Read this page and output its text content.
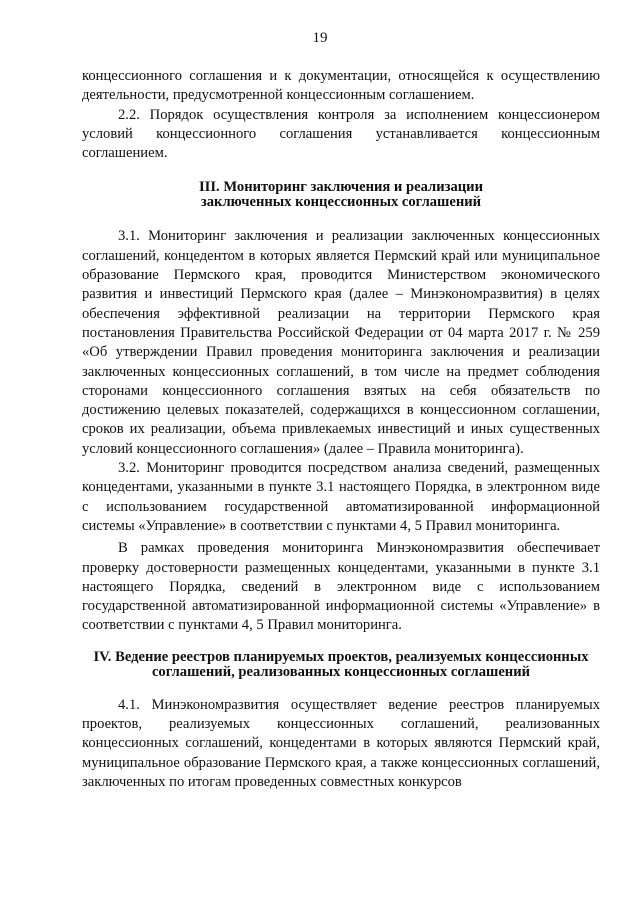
19

концессионного соглашения и к документации, относящейся к осуществлению деятельности, предусмотренной концессионным соглашением.

2.2. Порядок осуществления контроля за исполнением концессионером условий концессионного соглашения устанавливается концессионным соглашением.

III. Мониторинг заключения и реализации
заключенных концессионных соглашений

3.1. Мониторинг заключения и реализации заключенных концессионных соглашений, концедентом в которых является Пермский край или муниципальное образование Пермского края, проводится Министерством экономического развития и инвестиций Пермского края (далее – Минэкономразвития) в целях обеспечения эффективной реализации на территории Пермского края постановления Правительства Российской Федерации от 04 марта 2017 г. № 259 «Об утверждении Правил проведения мониторинга заключения и реализации заключенных концессионных соглашений, в том числе на предмет соблюдения сторонами концессионного соглашения взятых на себя обязательств по достижению целевых показателей, содержащихся в концессионном соглашении, сроков их реализации, объема привлекаемых инвестиций и иных существенных условий концессионного соглашения» (далее – Правила мониторинга).

3.2. Мониторинг проводится посредством анализа сведений, размещенных концедентами, указанными в пункте 3.1 настоящего Порядка, в электронном виде с использованием государственной автоматизированной информационной системы «Управление» в соответствии с пунктами 4, 5 Правил мониторинга.

В рамках проведения мониторинга Минэкономразвития обеспечивает проверку достоверности размещенных концедентами, указанными в пункте 3.1 настоящего Порядка, сведений в электронном виде с использованием государственной автоматизированной информационной системы «Управление» в соответствии с пунктами 4, 5 Правил мониторинга.

IV. Ведение реестров планируемых проектов, реализуемых концессионных
соглашений, реализованных концессионных соглашений

4.1. Минэкономразвития осуществляет ведение реестров планируемых проектов, реализуемых концессионных соглашений, реализованных концессионных соглашений, концедентами в которых являются Пермский край, муниципальное образование Пермского края, а также концессионных соглашений, заключенных по итогам проведенных совместных конкурсов
